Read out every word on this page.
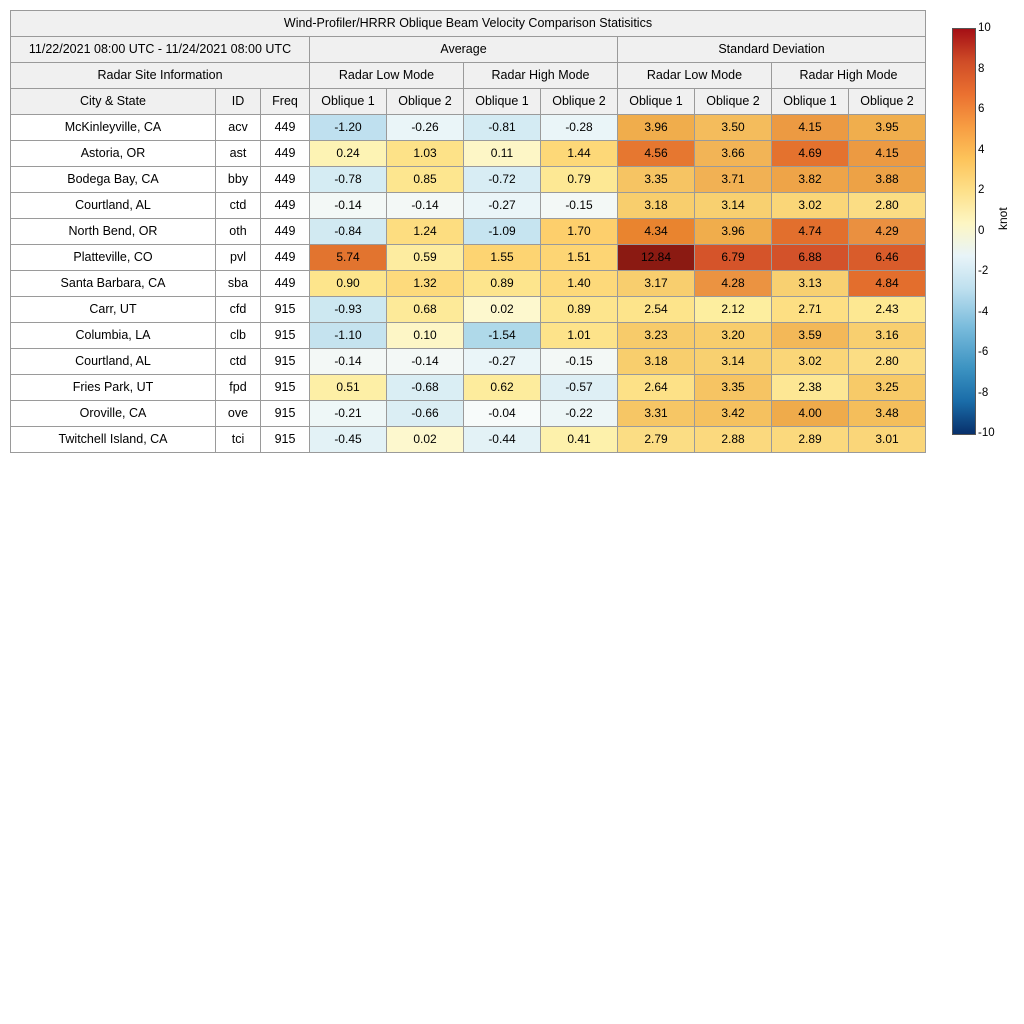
Wind-Profiler/HRRR Oblique Beam Velocity Comparison Statisitics										
11/22/2021 08:00 UTC - 11/24/2021 08:00 UTC			Average				Standard Deviation			
Radar Site Information			Radar Low Mode		Radar High Mode		Radar Low Mode		Radar High Mode	
City & State	ID	Freq	Oblique 1	Oblique 2	Oblique 1	Oblique 2	Oblique 1	Oblique 2	Oblique 1	Oblique 2
McKinleyville, CA	acv	449	-1.20	-0.26	-0.81	-0.28	3.96	3.50	4.15	3.95
Astoria, OR	ast	449	0.24	1.03	0.11	1.44	4.56	3.66	4.69	4.15
Bodega Bay, CA	bby	449	-0.78	0.85	-0.72	0.79	3.35	3.71	3.82	3.88
Courtland, AL	ctd	449	-0.14	-0.14	-0.27	-0.15	3.18	3.14	3.02	2.80
North Bend, OR	oth	449	-0.84	1.24	-1.09	1.70	4.34	3.96	4.74	4.29
Platteville, CO	pvl	449	5.74	0.59	1.55	1.51	12.84	6.79	6.88	6.46
Santa Barbara, CA	sba	449	0.90	1.32	0.89	1.40	3.17	4.28	3.13	4.84
Carr, UT	cfd	915	-0.93	0.68	0.02	0.89	2.54	2.12	2.71	2.43
Columbia, LA	clb	915	-1.10	0.10	-1.54	1.01	3.23	3.20	3.59	3.16
Courtland, AL	ctd	915	-0.14	-0.14	-0.27	-0.15	3.18	3.14	3.02	2.80
Fries Park, UT	fpd	915	0.51	-0.68	0.62	-0.57	2.64	3.35	2.38	3.25
Oroville, CA	ove	915	-0.21	-0.66	-0.04	-0.22	3.31	3.42	4.00	3.48
Twitchell Island, CA	tci	915	-0.45	0.02	-0.44	0.41	2.79	2.88	2.89	3.01
10
8
6
4
2
0
-2
-4
-6
-8
-10
knot
